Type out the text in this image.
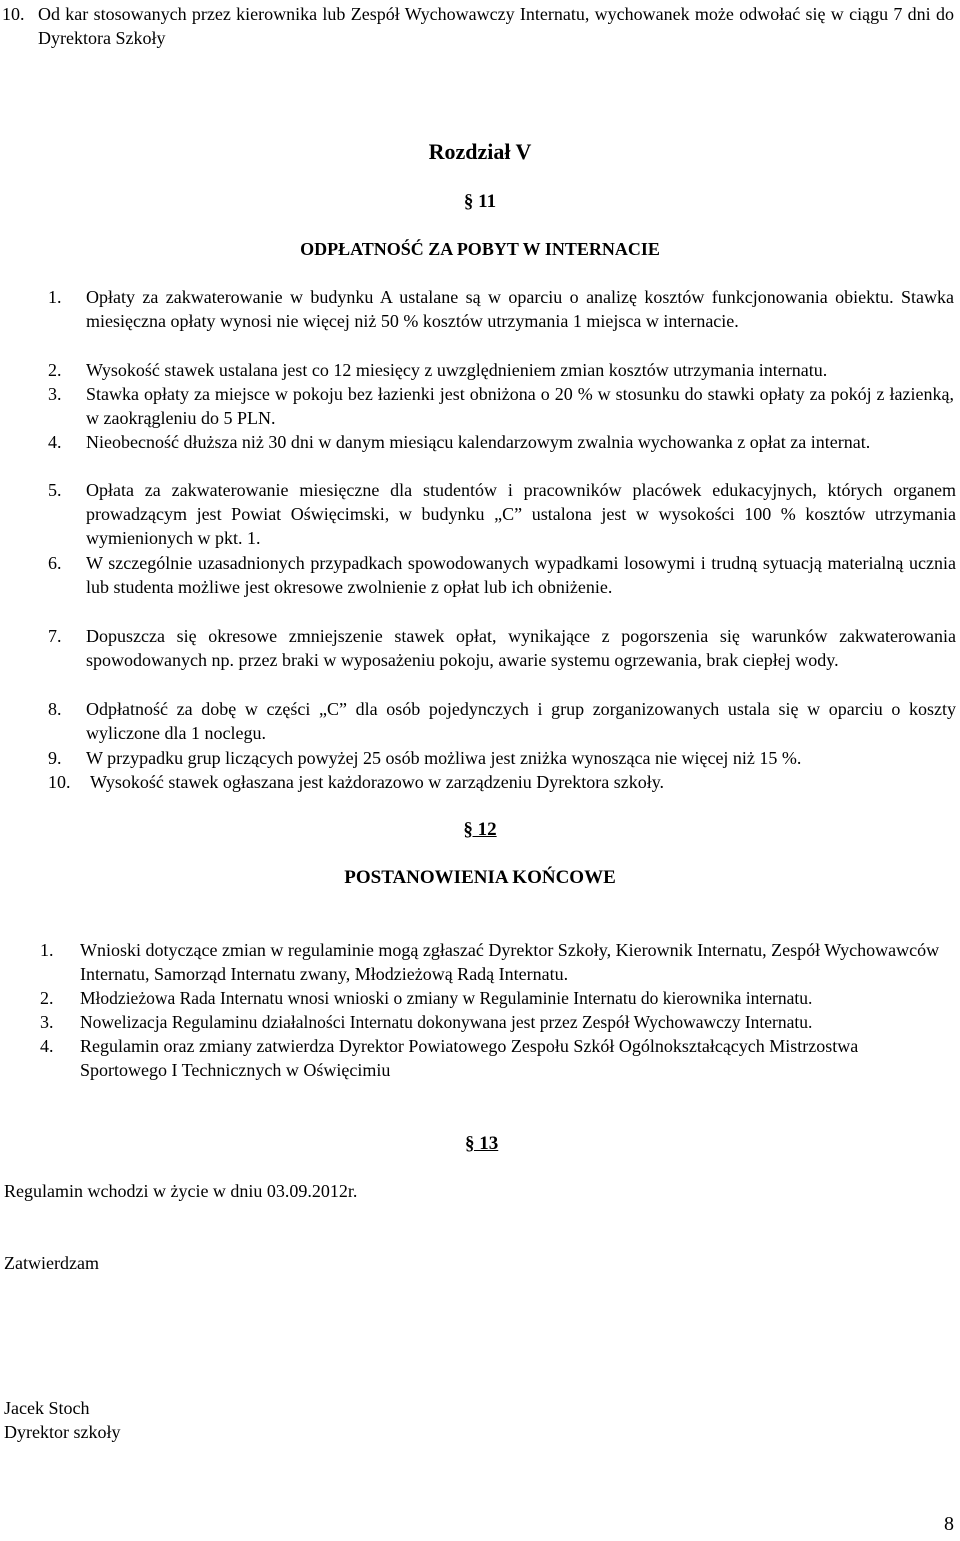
10. Od kar stosowanych przez kierownika lub Zespół Wychowawczy Internatu, wychowanek może odwołać się w ciągu 7 dni do Dyrektora Szkoły
Rozdział V
§ 11
ODPŁATNOŚĆ ZA POBYT W INTERNACIE
1. Opłaty za zakwaterowanie w budynku A ustalane są w oparciu o analizę kosztów funkcjonowania obiektu. Stawka miesięczna opłaty wynosi nie więcej niż 50 % kosztów utrzymania 1 miejsca w internacie.
2. Wysokość stawek ustalana jest co 12 miesięcy z uwzględnieniem zmian kosztów utrzymania internatu.
3. Stawka opłaty za miejsce w pokoju bez łazienki jest obniżona o 20 % w stosunku do stawki opłaty za pokój z łazienką, w zaokrągleniu do 5 PLN.
4. Nieobecność dłuższa niż 30 dni w danym miesiącu kalendarzowym zwalnia wychowanka z opłat za internat.
5. Opłata za zakwaterowanie miesięczne dla studentów i pracowników placówek edukacyjnych, których organem prowadzącym jest Powiat Oświęcimski, w budynku „C” ustalona jest w wysokości 100 % kosztów utrzymania wymienionych w pkt. 1.
6. W szczególnie uzasadnionych przypadkach spowodowanych wypadkami losowymi i trudną sytuacją materialną ucznia lub studenta możliwe jest okresowe zwolnienie z opłat lub ich obniżenie.
7. Dopuszcza się okresowe zmniejszenie stawek opłat, wynikające z pogorszenia się warunków zakwaterowania spowodowanych np. przez braki w wyposażeniu pokoju, awarie systemu ogrzewania, brak ciepłej wody.
8. Odpłatność za dobę w części „C” dla osób pojedynczych i grup zorganizowanych ustala się w oparciu o koszty wyliczone dla 1 noclegu.
9. W przypadku grup liczących powyżej 25 osób możliwa jest zniżka wynosząca nie więcej niż 15 %.
10. Wysokość stawek ogłaszana jest każdorazowo w zarządzeniu Dyrektora szkoły.
§ 12
POSTANOWIENIA KOŃCOWE
1. Wnioski dotyczące zmian w regulaminie mogą zgłaszać Dyrektor Szkoły, Kierownik Internatu, Zespół Wychowawców Internatu, Samorząd Internatu zwany, Młodzieżową Radą Internatu.
2. Młodzieżowa Rada Internatu wnosi wnioski o zmiany w Regulaminie Internatu do kierownika internatu.
3. Nowelizacja Regulaminu działalności Internatu dokonywana jest przez Zespół Wychowawczy Internatu.
4. Regulamin oraz zmiany zatwierdza Dyrektor Powiatowego Zespołu Szkół Ogólnokształcących Mistrzostwa Sportowego I Technicznych w Oświęcimiu
§ 13
Regulamin wchodzi w życie w dniu 03.09.2012r.
Zatwierdzam
Jacek Stoch
Dyrektor szkoły
8
